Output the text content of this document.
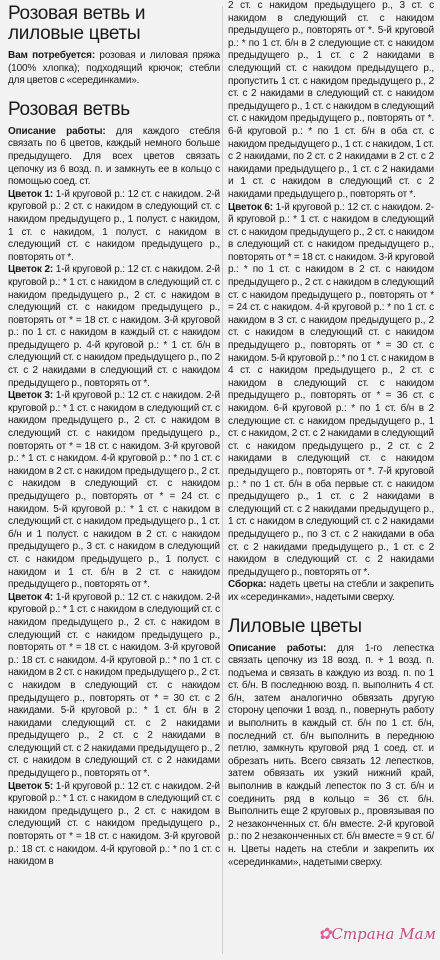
Розовая ветвь и лиловые цветы

Вам потребуется: розовая и лиловая пряжа (100% хлопка); подходящий крючок; стебли для цветов с «серединками».

Розовая ветвь

Описание работы: для каждого стебля связать по 6 цветов, каждый немного больше предыдущего. Для всех цветов связать цепочку из 6 возд. п. и замкнуть ее в кольцо с помощью соед. ст.

Цветок 1: 1-й круговой р.: 12 ст. с накидом. 2-й круговой р.: 2 ст. с накидом в следующий ст. с накидом предыдущего р., 1 полуст. с накидом, 1 ст. с накидом, 1 полуст. с накидом в следующий ст. с накидом предыдущего р., повторять от *.

Цветок 2: 1-й круговой р.: 12 ст. с накидом. 2-й круговой р.: * 1 ст. с накидом в следующий ст. с накидом предыдущего р., 2 ст. с накидом в следующий ст. с накидом предыдущего р., повторять от * = 18 ст. с накидом. 3-й круговой р.: по 1 ст. с накидом в каждый ст. с накидом предыдущего р. 4-й круговой р.: * 1 ст. б/н в следующий ст. с накидом предыдущего р., по 2 ст. с 2 накидами в следующий ст. с накидом предыдущего р., повторять от *.

Цветок 3: 1-й круговой р.: 12 ст. с накидом. 2-й круговой р.: * 1 ст. с накидом в следующий ст. с накидом предыдущего р., 2 ст. с накидом в следующий ст. с накидом предыдущего р., повторять от * = 18 ст. с накидом. 3-й круговой р.: * 1 ст. с накидом. 4-й круговой р.: * по 1 ст. с накидом в 2 ст. с накидом предыдущего р., 2 ст. с накидом в следующий ст. с накидом предыдущего р., повторять от * = 24 ст. с накидом. 5-й круговой р.: * 1 ст. с накидом в следующий ст. с накидом предыдущего р., 1 ст. б/н и 1 полуст. с накидом в 2 ст. с накидом предыдущего р., 3 ст. с накидом в следующий ст. с накидом предыдущего р., 1 полуст. с накидом и 1 ст. б/н в 2 ст. с накидом предыдущего р., повторять от *.

Цветок 4: 1-й круговой р.: 12 ст. с накидом. 2-й круговой р.: * 1 ст. с накидом в следующий ст. с накидом предыдущего р., 2 ст. с накидом в следующий ст. с накидом предыдущего р., повторять от * = 18 ст. с накидом. 3-й круговой р.: 18 ст. с накидом. 4-й круговой р.: * по 1 ст. с накидом в 2 ст. с накидом предыдущего р., 2 ст. с накидом в следующий ст. с накидом предыдущего р., повторять от * = 30 ст. с 2 накидами. 5-й круговой р.: * 1 ст. б/н в 2 накидами следующий ст. с 2 накидами предыдущего р., 2 ст. с 2 накидами в следующий ст. с 2 накидами предыдущего р., 2 ст. с накидом в следующий ст. с 2 накидами предыдущего р., повторять от *.

Цветок 5: 1-й круговой р.: 12 ст. с накидом. 2-й круговой р.: * 1 ст. с накидом в следующий ст. с накидом предыдущего р., 2 ст. с накидом в следующий ст. с накидом предыдущего р., повторять от * = 18 ст. с накидом. 3-й круговой р.: 18 ст. с накидом. 4-й круговой р.: * по 1 ст. с накидом в

2 ст. с накидом предыдущего р., 3 ст. с накидом в следующий ст. с накидом предыдущего р., повторять от *. 5-й круговой р.: * по 1 ст. б/н в 2 следующие ст. с накидом предыдущего р., 1 ст. с 2 накидами в следующий ст. с накидом предыдущего р., пропустить 1 ст. с накидом предыдущего р., 2 ст. с 2 накидами в следующий ст. с накидом предыдущего р., 1 ст. с накидом в следующий ст. с накидом предыдущего р., повторять от *. 6-й круговой р.: * по 1 ст. б/н в оба ст. с накидом предыдущего р., 1 ст. с накидом, 1 ст. с 2 накидами, по 2 ст. с 2 накидами в 2 ст. с 2 накидами предыдущего р., 1 ст. с 2 накидами и 1 ст. с накидом в следующий ст. с 2 накидами предыдущего р., повторять от *.

Цветок 6: 1-й круговой р.: 12 ст. с накидом. 2-й круговой р.: * 1 ст. с накидом в следующий ст. с накидом предыдущего р., 2 ст. с накидом в следующий ст. с накидом предыдущего р., повторять от * = 18 ст. с накидом. 3-й круговой р.: * по 1 ст. с накидом в 2 ст. с накидом предыдущего р., 2 ст. с накидом в следующий ст. с накидом предыдущего р., повторять от * = 24 ст. с накидом. 4-й круговой р.: * по 1 ст. с накидом в 3 ст. с накидом предыдущего р., 2 ст. с накидом в следующий ст. с накидом предыдущего р., повторять от * = 30 ст. с накидом. 5-й круговой р.: * по 1 ст. с накидом в 4 ст. с накидом предыдущего р., 2 ст. с накидом в следующий ст. с накидом предыдущего р., повторять от * = 36 ст. с накидом. 6-й круговой р.: * по 1 ст. б/н в 2 следующие ст. с накидом предыдущего р., 1 ст. с накидом, 2 ст. с 2 накидами в следующий ст. с накидом предыдущего р., 2 ст. с 2 накидами в следующий ст. с накидом предыдущего р., повторять от *. 7-й круговой р.: * по 1 ст. б/н в оба первые ст. с накидом предыдущего р., 1 ст. с 2 накидами в следующий ст. с 2 накидами предыдущего р., 1 ст. с накидом в следующий ст. с 2 накидами предыдущего р., по 3 ст. с 2 накидами в оба ст. с 2 накидами предыдущего р., 1 ст. с 2 накидом в следующий ст. с 2 накидами предыдущего р., повторять от *.

Сборка: надеть цветы на стебли и закрепить их «серединками», надетыми сверху.

Лиловые цветы

Описание работы: для 1-го лепестка связать цепочку из 18 возд. п. + 1 возд. п. подъема и связать в каждую из возд. п. по 1 ст. б/н. В последнюю возд. п. выполнить 4 ст. б/н, затем аналогично обвязать другую сторону цепочки 1 возд. п., повернуть работу и выполнить в каждый ст. б/н по 1 ст. б/н, последний ст. б/н выполнить в переднюю петлю, замкнуть круговой ряд 1 соед. ст. и обрезать нить. Всего связать 12 лепестков, затем обвязать их узкий нижний край, выполнив в каждый лепесток по 3 ст. б/н и соединить ряд в кольцо = 36 ст. б/н. Выполнить еще 2 круговых р., провязывая по 2 незаконченных ст. б/н вместе. 2-й круговой р.: по 2 незаконченных ст. б/н вместе = 9 ст. б/н. Цветы надеть на стебли и закрепить их «серединками», надетыми сверху.

✿Страна Мам
